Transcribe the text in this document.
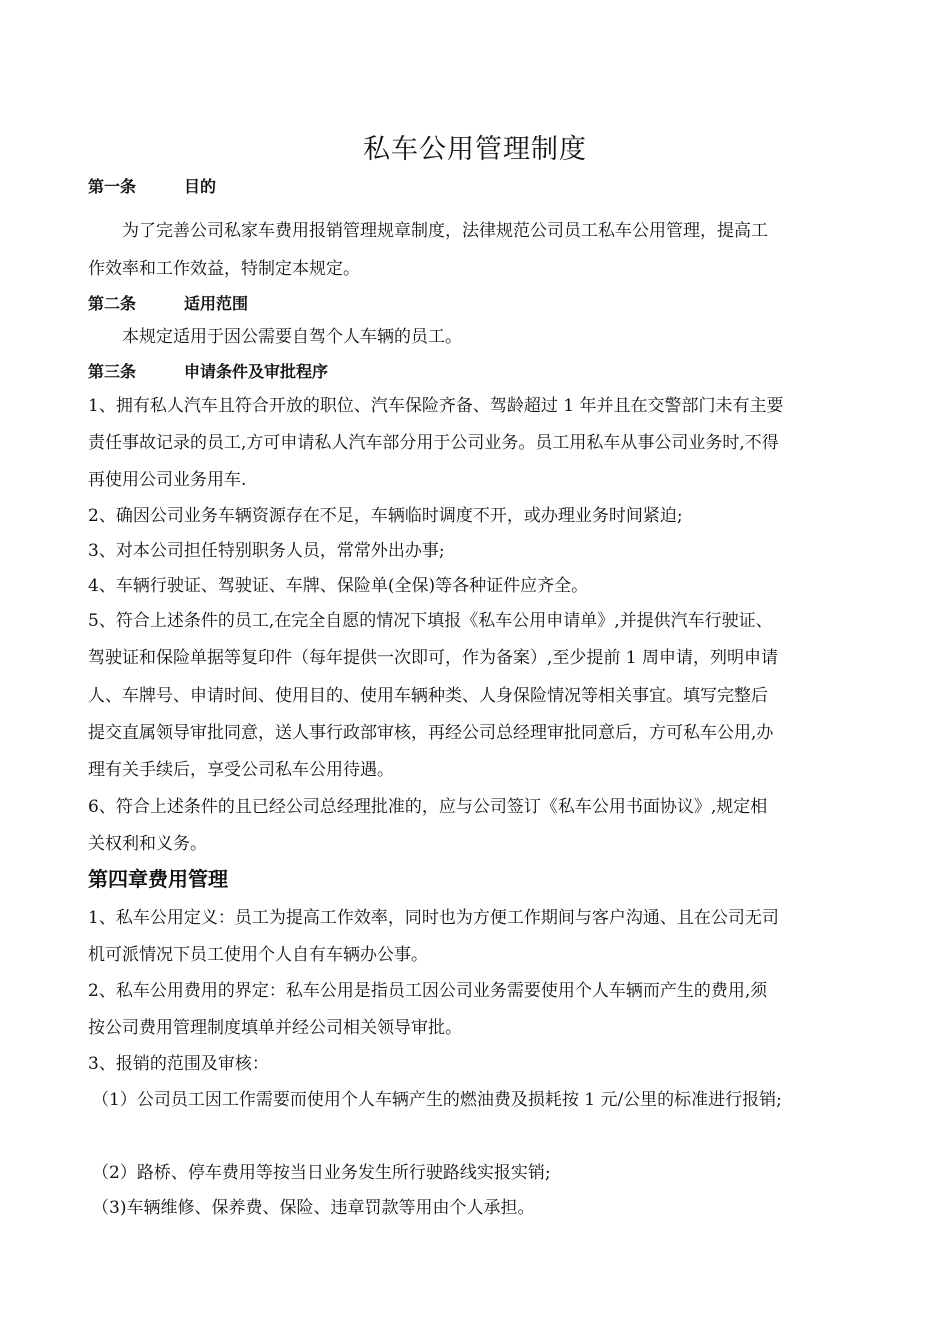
私车公用管理制度
第一条	目的
为了完善公司私家车费用报销管理规章制度，法律规范公司员工私车公用管理，提高工
作效率和工作效益，特制定本规定。
第二条	适用范围
本规定适用于因公需要自驾个人车辆的员工。
第三条	申请条件及审批程序
1、拥有私人汽车且符合开放的职位、汽车保险齐备、驾龄超过 1 年并且在交警部门未有主要
责任事故记录的员工,方可申请私人汽车部分用于公司业务。员工用私车从事公司业务时,不得
再使用公司业务用车.
2、确因公司业务车辆资源存在不足，车辆临时调度不开，或办理业务时间紧迫;
3、对本公司担任特别职务人员，常常外出办事;
4、车辆行驶证、驾驶证、车牌、保险单(全保)等各种证件应齐全。
5、符合上述条件的员工,在完全自愿的情况下填报《私车公用申请单》,并提供汽车行驶证、
驾驶证和保险单据等复印件（每年提供一次即可，作为备案）,至少提前 1 周申请，列明申请
人、车牌号、申请时间、使用目的、使用车辆种类、人身保险情况等相关事宜。填写完整后
提交直属领导审批同意，送人事行政部审核，再经公司总经理审批同意后，方可私车公用,办
理有关手续后，享受公司私车公用待遇。
6、符合上述条件的且已经公司总经理批准的，应与公司签订《私车公用书面协议》,规定相
关权利和义务。
第四章费用管理
1、私车公用定义：员工为提高工作效率，同时也为方便工作期间与客户沟通、且在公司无司
机可派情况下员工使用个人自有车辆办公事。
2、私车公用费用的界定：私车公用是指员工因公司业务需要使用个人车辆而产生的费用,须
按公司费用管理制度填单并经公司相关领导审批。
3、报销的范围及审核：
（1）公司员工因工作需要而使用个人车辆产生的燃油费及损耗按 1 元/公里的标准进行报销;
（2）路桥、停车费用等按当日业务发生所行驶路线实报实销;
（3)车辆维修、保养费、保险、违章罚款等用由个人承担。
